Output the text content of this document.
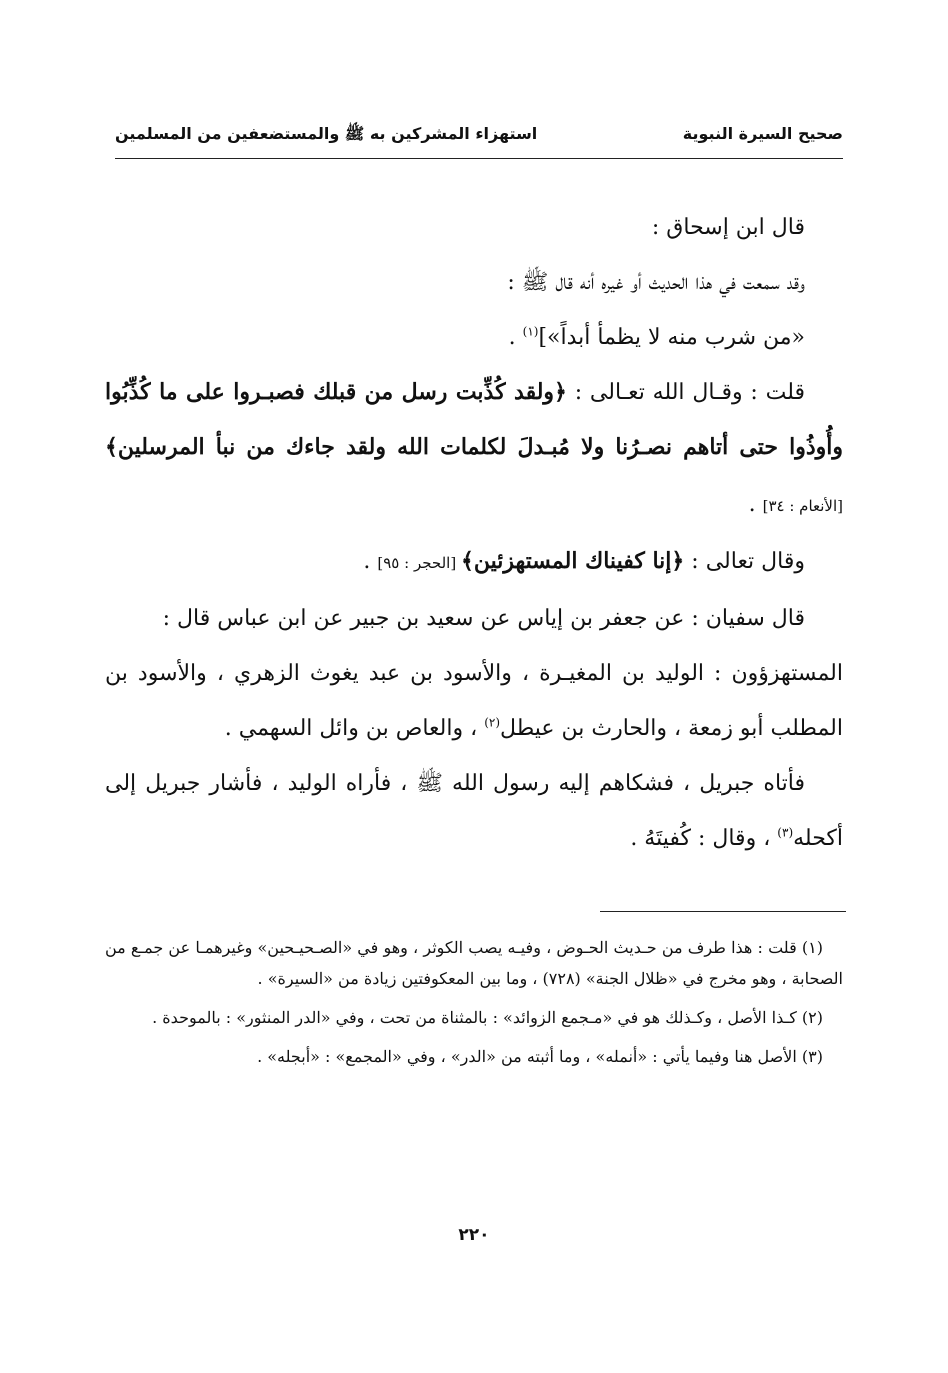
صحيح السيرة النبوية
استهزاء المشركين به ﷺ والمستضعفين من المسلمين

قال ابن إسحاق :

وقد سمعت في هذا الحديث أو غيره أنه قال ﷺ :

«من شرب منه لا يظمأ أبداً»]$^{(١)}$ .

قلت : وقـال الله تعـالى : ﴿ولقد كُذِّبت رسل من قبلك فصبـروا على ما كُذِّبُوا وأُوذُوا حتى أتاهم نصـرُنا ولا مُبـدلَ لكلمات الله ولقد جاءك من نبأ المرسلين﴾ [الأنعام : ٣٤] .

وقال تعالى : ﴿إنا كفيناك المستهزئين﴾ [الحجر : ٩٥] .

قال سفيان : عن جعفر بن إياس عن سعيد بن جبير عن ابن عباس قال :

المستهزؤون : الوليد بن المغيـرة ، والأسود بن عبد يغوث الزهري ، والأسود بن المطلب أبو زمعة ، والحارث بن عيطل$^{(٢)}$ ، والعاص بن وائل السهمي .

فأتاه جبريل ، فشكاهم إليه رسول الله ﷺ ، فأراه الوليد ، فأشار جبريل إلى أكحله$^{(٣)}$ ، وقال : كُفيتَهُ .

(١) قلت : هذا طرف من حـديث الحـوض ، وفيـه يصب الكوثر ، وهو في «الصـحيـحين» وغيرهمـا عن جمـع من الصحابة ، وهو مخرج في «ظلال الجنة» (٧٢٨) ، وما بين المعكوفتين زيادة من «السيرة» .

(٢) كـذا الأصل ، وكـذلك هو في «مـجمع الزوائد» : بالمثناة من تحت ، وفي «الدر المنثور» : بالموحدة .

(٣) الأصل هنا وفيما يأتي : «أنمله» ، وما أثبته من «الدر» ، وفي «المجمع» : «أبجله» .

٢٢٠
